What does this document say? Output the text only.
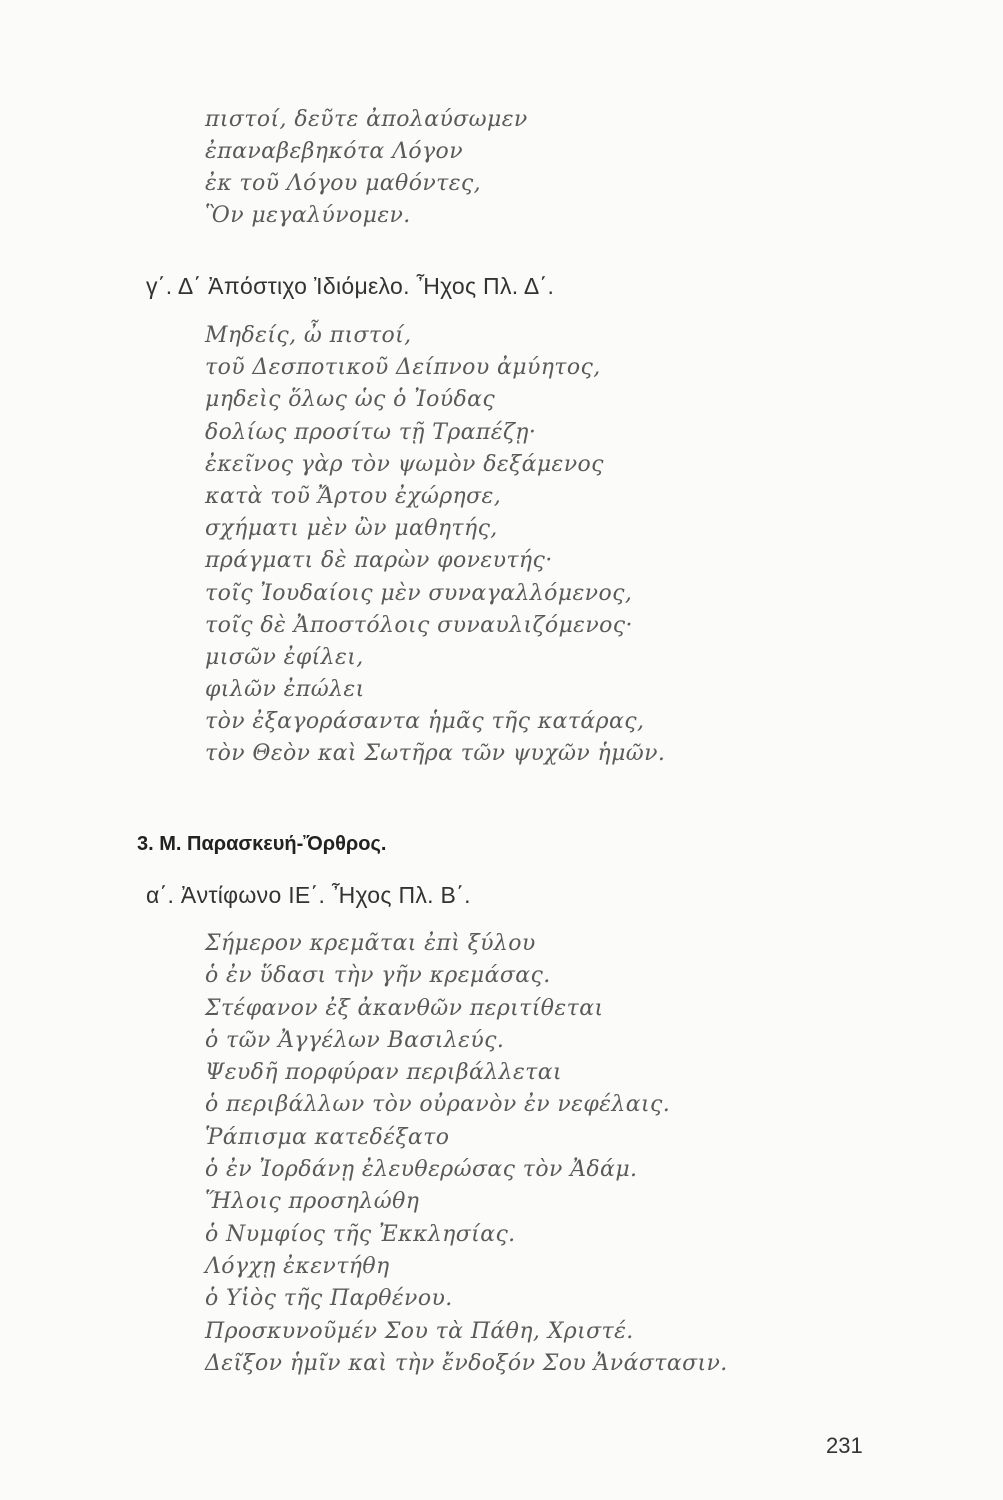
πιστοί, δεῦτε ἀπολαύσωμεν
ἐπαναβεβηκότα Λόγον
ἐκ τοῦ Λόγου μαθόντες,
Ὃν μεγαλύνομεν.
γ΄. Δ΄ Ἀπόστιχο Ἰδιόμελο. Ἦχος Πλ. Δ΄.
Μηδείς, ὦ πιστοί,
τοῦ Δεσποτικοῦ Δείπνου ἀμύητος,
μηδεὶς ὅλως ὡς ὁ Ἰούδας
δολίως προσίτω τῇ Τραπέζῃ·
ἐκεῖνος γὰρ τὸν ψωμὸν δεξάμενος
κατὰ τοῦ Ἄρτου ἐχώρησε,
σχήματι μὲν ὢν μαθητής,
πράγματι δὲ παρὼν φονευτής·
τοῖς Ἰουδαίοις μὲν συναγαλλόμενος,
τοῖς δὲ Ἀποστόλοις συναυλιζόμενος·
μισῶν ἐφίλει,
φιλῶν ἐπώλει
τὸν ἐξαγοράσαντα ἡμᾶς τῆς κατάρας,
τὸν Θεὸν καὶ Σωτῆρα τῶν ψυχῶν ἡμῶν.
3. Μ. Παρασκευή-Ὄρθρος.
α΄. Ἀντίφωνο ΙΕ΄. Ἦχος Πλ. Β΄.
Σήμερον κρεμᾶται ἐπὶ ξύλου
ὁ ἐν ὕδασι τὴν γῆν κρεμάσας.
Στέφανον ἐξ ἀκανθῶν περιτίθεται
ὁ τῶν Ἀγγέλων Βασιλεύς.
Ψευδῆ πορφύραν περιβάλλεται
ὁ περιβάλλων τὸν οὐρανὸν ἐν νεφέλαις.
Ῥάπισμα κατεδέξατο
ὁ ἐν Ἰορδάνῃ ἐλευθερώσας τὸν Ἀδάμ.
Ἥλοις προσηλώθη
ὁ Νυμφίος τῆς Ἐκκλησίας.
Λόγχῃ ἐκεντήθη
ὁ Υἱὸς τῆς Παρθένου.
Προσκυνοῦμέν Σου τὰ Πάθη, Χριστέ.
Δεῖξον ἡμῖν καὶ τὴν ἔνδοξόν Σου Ἀνάστασιν.
231
